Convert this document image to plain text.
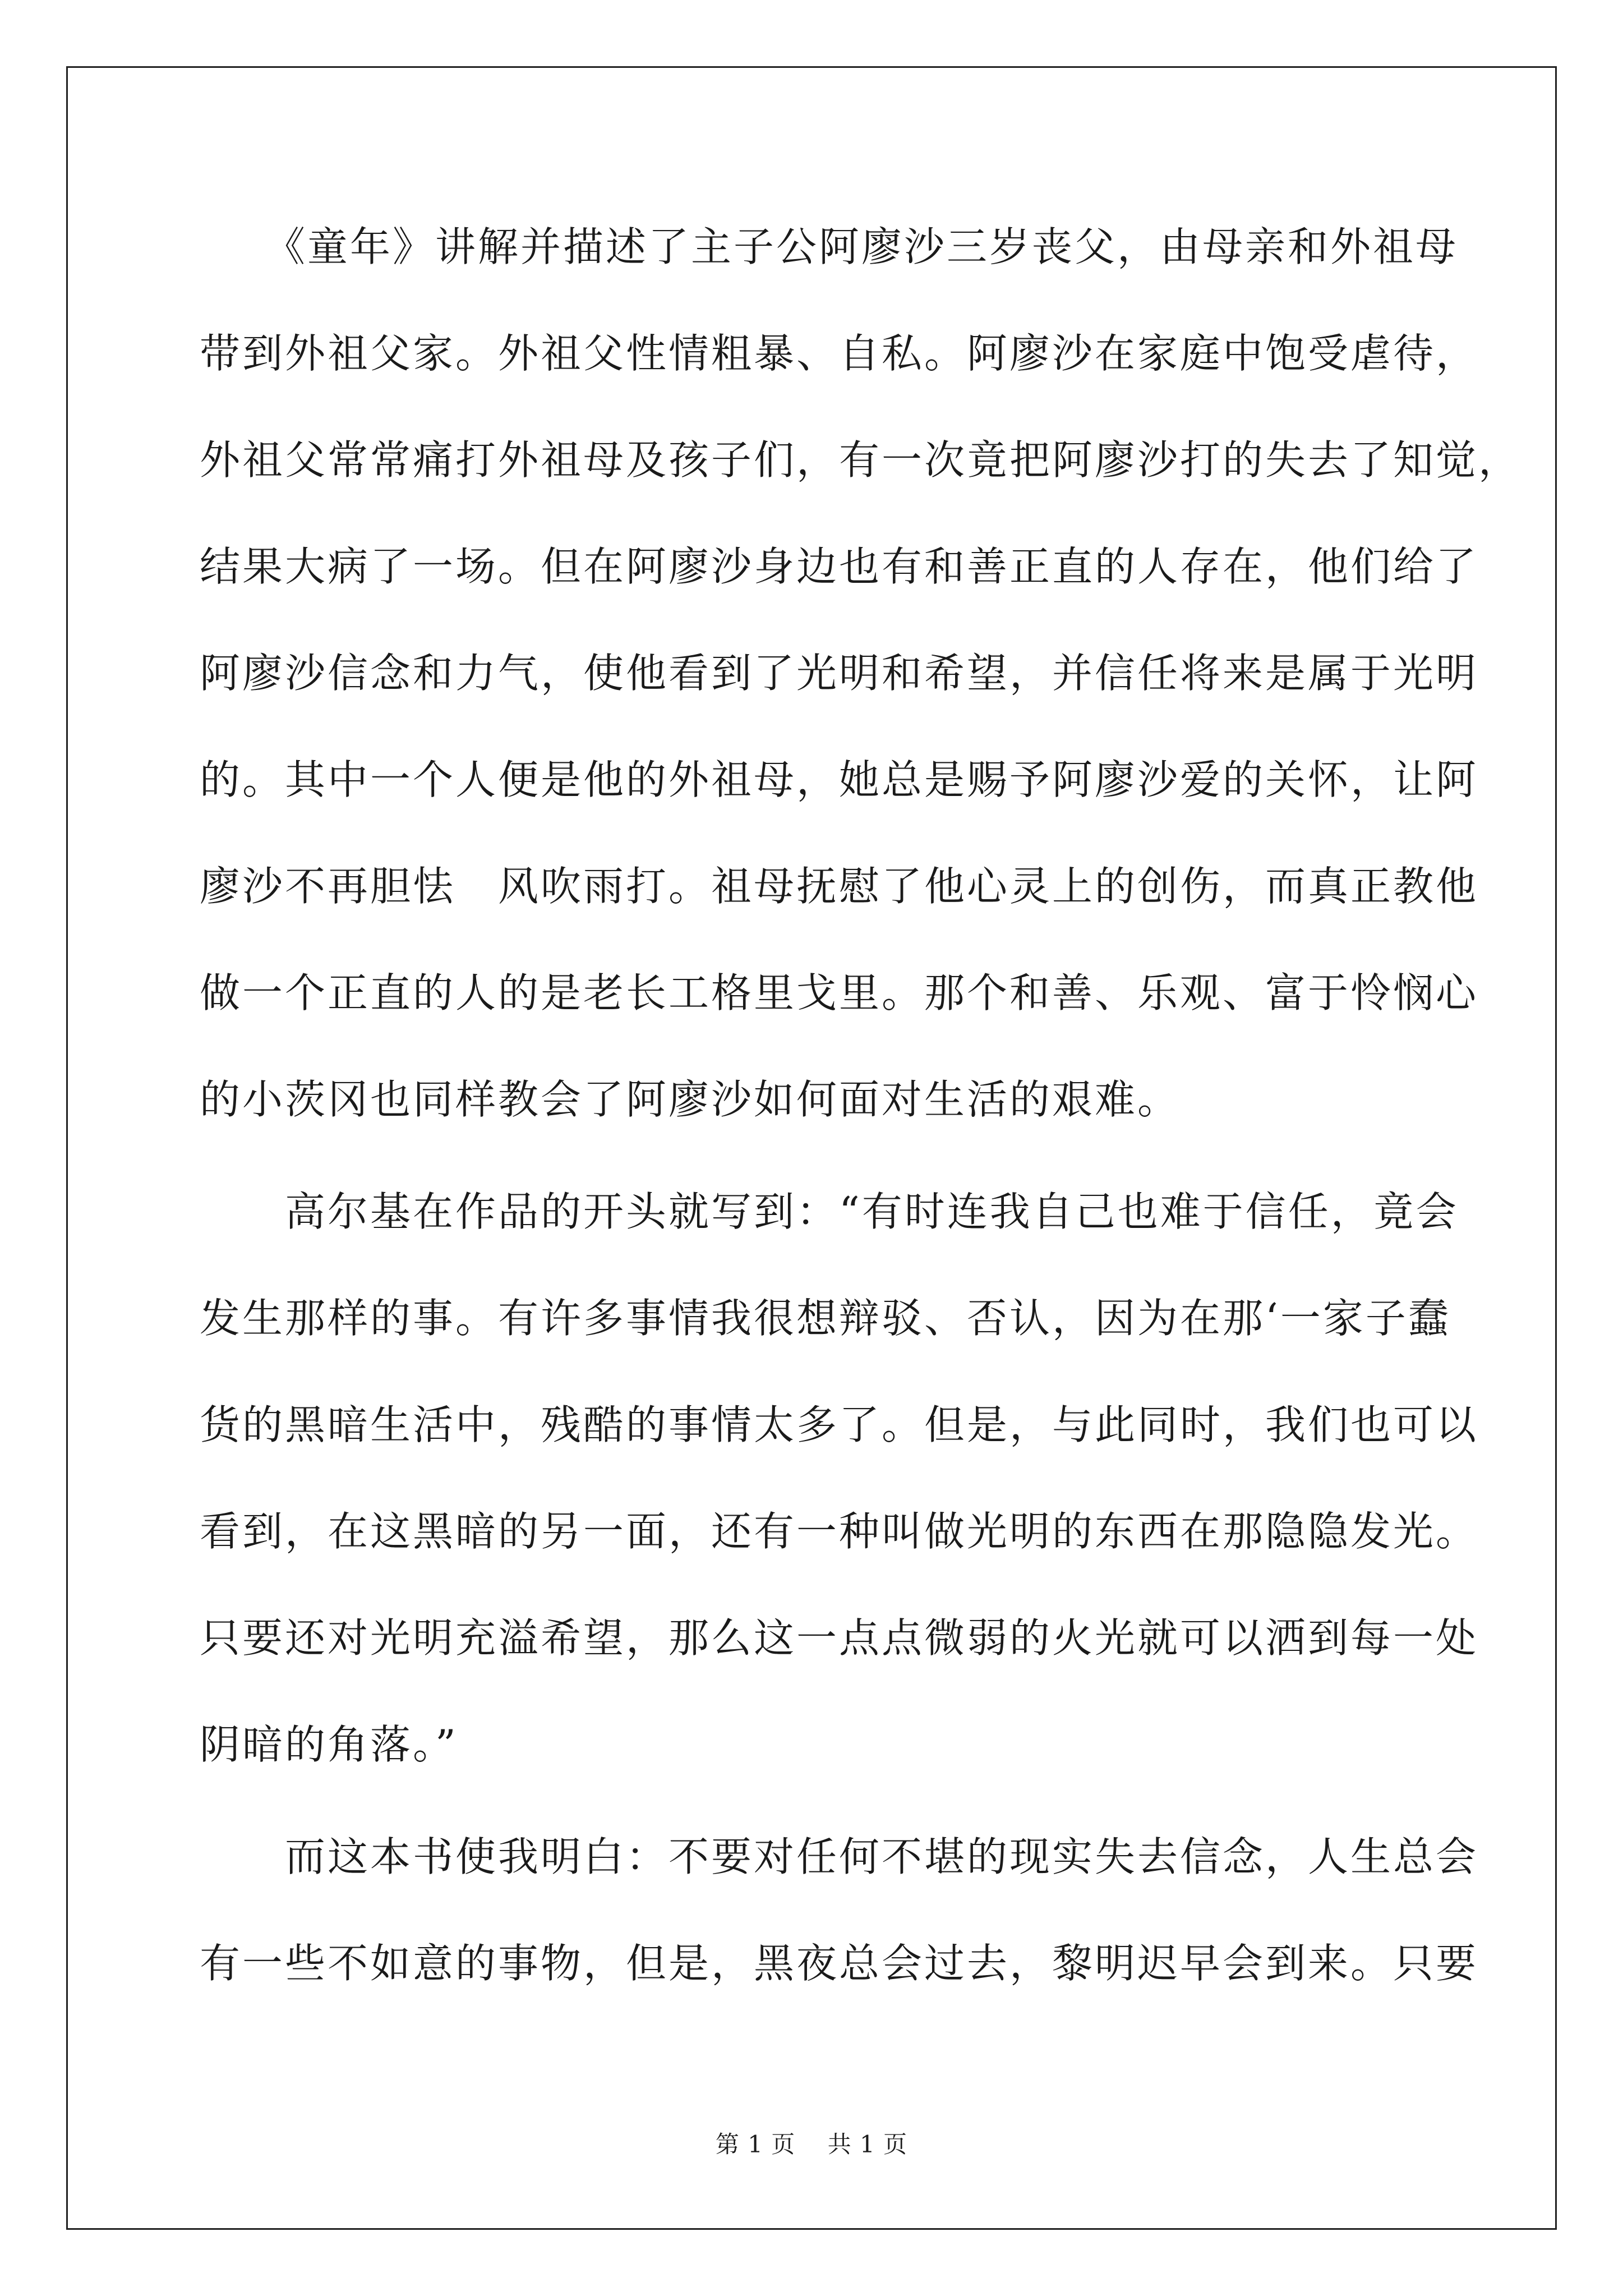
　　《童年》讲解并描述了主子公阿廖沙三岁丧父，由母亲和外祖母
带到外祖父家。外祖父性情粗暴、自私。阿廖沙在家庭中饱受虐待，
外祖父常常痛打外祖母及孩子们，有一次竟把阿廖沙打的失去了知觉，
结果大病了一场。但在阿廖沙身边也有和善正直的人存在，他们给了
阿廖沙信念和力气，使他看到了光明和希望，并信任将来是属于光明
的。其中一个人便是他的外祖母，她总是赐予阿廖沙爱的关怀，让阿
廖沙不再胆怯　风吹雨打。祖母抚慰了他心灵上的创伤，而真正教他
做一个正直的人的是老长工格里戈里。那个和善、乐观、富于怜悯心
的小茨冈也同样教会了阿廖沙如何面对生活的艰难。
　　高尔基在作品的开头就写到：“有时连我自己也难于信任，竟会
发生那样的事。有许多事情我很想辩驳、否认，因为在那‘一家子蠢
货的黑暗生活中，残酷的事情太多了。但是，与此同时，我们也可以
看到，在这黑暗的另一面，还有一种叫做光明的东西在那隐隐发光。
只要还对光明充溢希望，那么这一点点微弱的火光就可以洒到每一处
阴暗的角落。”
　　而这本书使我明白：不要对任何不堪的现实失去信念，人生总会
有一些不如意的事物，但是，黑夜总会过去，黎明迟早会到来。只要
第 1 页    共 1 页
